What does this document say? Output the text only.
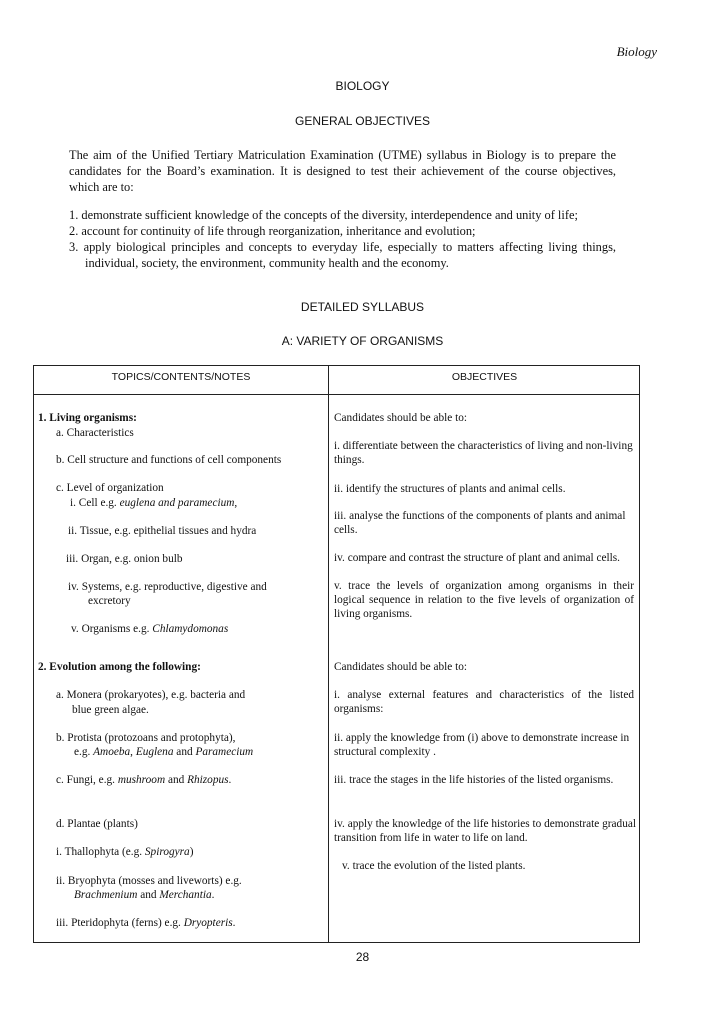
Biology
BIOLOGY
GENERAL OBJECTIVES

The aim of the Unified Tertiary Matriculation Examination (UTME) syllabus in Biology is to prepare the candidates for the Board’s examination. It is designed to test their achievement of the course objectives, which are to:

1. demonstrate sufficient knowledge of the concepts of the diversity, interdependence and unity of life;
2. account for continuity of life through reorganization, inheritance and evolution;
3. apply biological principles and concepts to everyday life, especially to matters affecting living things, individual, society, the environment, community health and the economy.
DETAILED SYLLABUS
A: VARIETY OF ORGANISMS
TOPICS/CONTENTS/NOTES	OBJECTIVES
1. Living organisms:
a. Characteristics
b. Cell structure and functions of cell components
c. Level of organization
i. Cell e.g. euglena and paramecium,
ii. Tissue, e.g. epithelial tissues and hydra
iii. Organ, e.g. onion bulb
iv. Systems, e.g. reproductive, digestive and
excretory
v. Organisms e.g. Chlamydomonas
Candidates should be able to:
i. differentiate between the characteristics of living and non-living things.
ii. identify the structures of plants and animal cells.
iii. analyse the functions of the components of plants and animal cells.
iv. compare and contrast the structure of plant and animal cells.
v. trace the levels of organization among organisms in their logical sequence in relation to the five levels of organization of living organisms.
2. Evolution among the following:
a. Monera (prokaryotes), e.g. bacteria and
blue green algae.
b. Protista (protozoans and protophyta),
e.g. Amoeba, Euglena and Paramecium
c. Fungi, e.g. mushroom and Rhizopus.
d. Plantae (plants)
i. Thallophyta (e.g. Spirogyra)
ii. Bryophyta (mosses and liveworts) e.g.
Brachmenium and Merchantia.
iii. Pteridophyta (ferns) e.g. Dryopteris.
Candidates should be able to:
i. analyse external features and characteristics of the listed organisms:
ii. apply the knowledge from (i) above to demonstrate increase in structural complexity .
iii. trace the stages in the life histories of the listed organisms.
iv. apply the knowledge of the life histories to demonstrate gradual transition from life in water to life on land.
v. trace the evolution of the listed plants.
28
